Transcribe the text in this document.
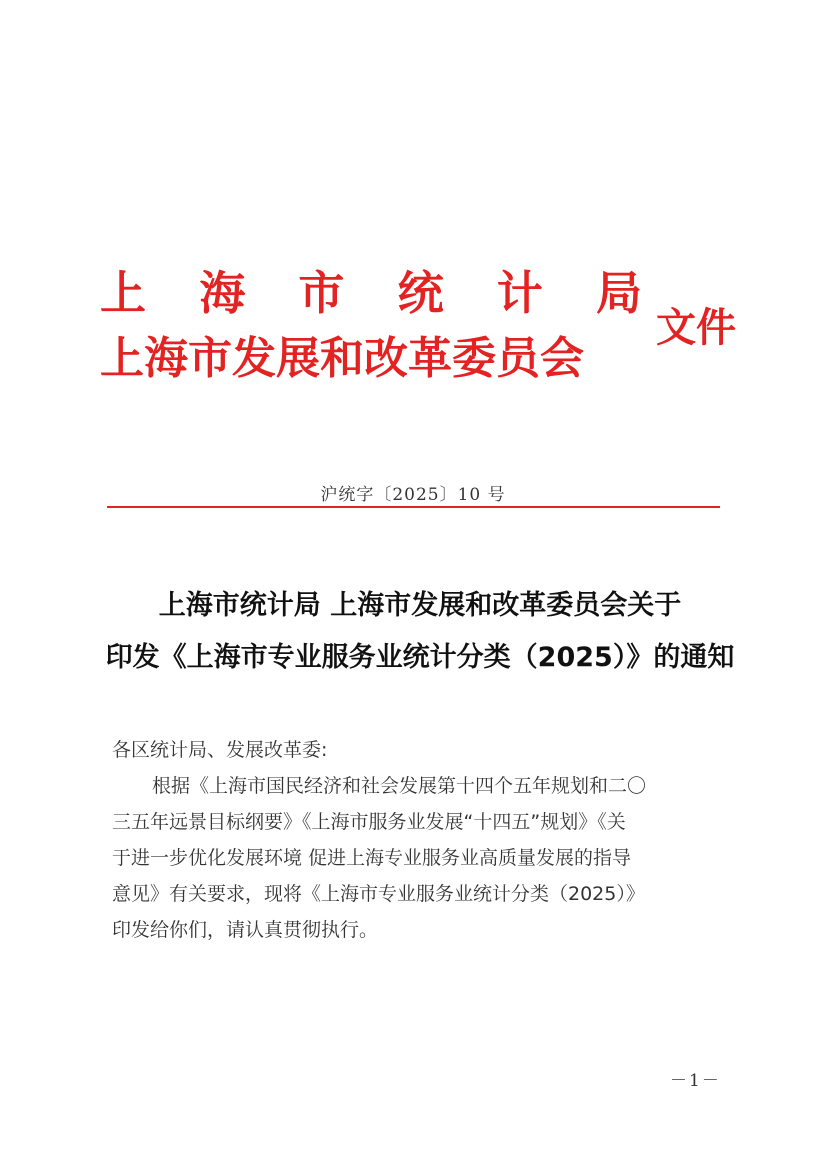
上 海 市 统 计 局
上海市发展和改革委员会
文件
沪统字〔2025〕10 号
上海市统计局 上海市发展和改革委员会关于
印发《上海市专业服务业统计分类（2025）》的通知
各区统计局、发展改革委:
根据《上海市国民经济和社会发展第十四个五年规划和二〇
三五年远景目标纲要》《上海市服务业发展“十四五”规划》《关
于进一步优化发展环境 促进上海专业服务业高质量发展的指导
意见》有关要求，现将《上海市专业服务业统计分类（2025）》
印发给你们，请认真贯彻执行。
－1－
